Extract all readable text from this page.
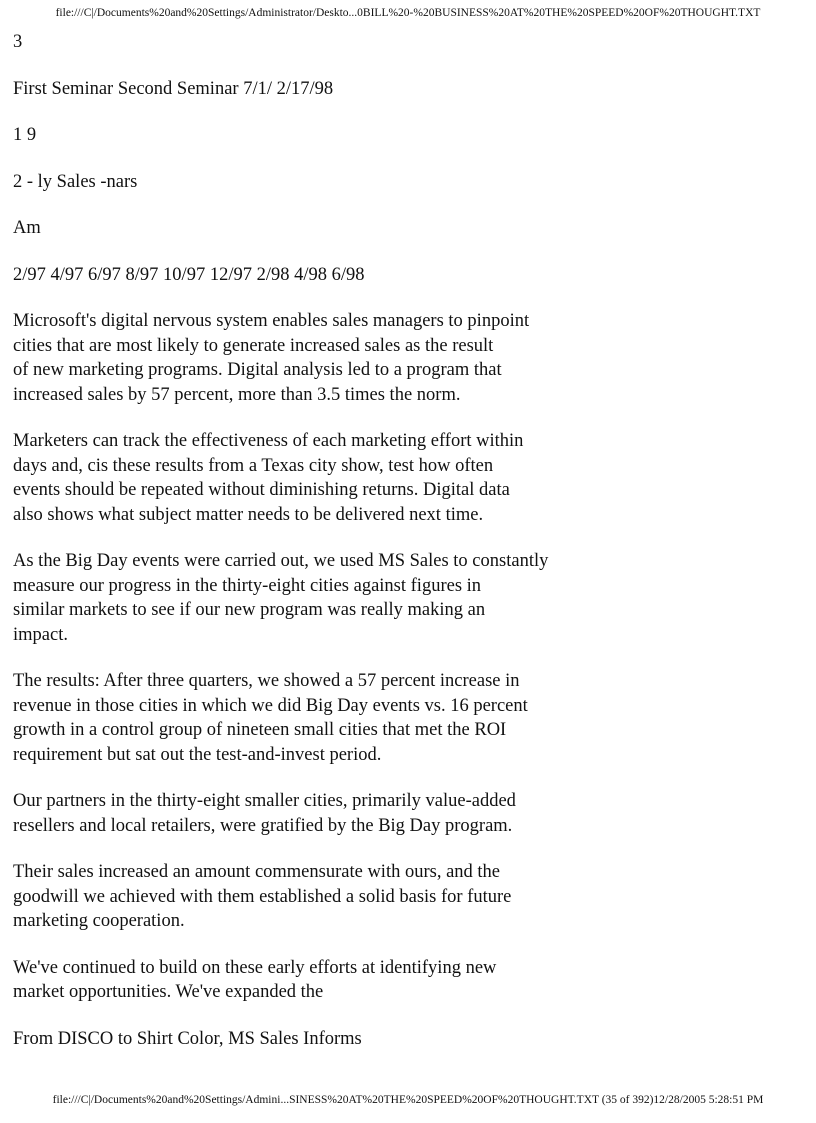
file:///C|/Documents%20and%20Settings/Administrator/Deskto...0BILL%20-%20BUSINESS%20AT%20THE%20SPEED%20OF%20THOUGHT.TXT
3
First Seminar Second Seminar 7/1/ 2/17/98
1 9
2 - ly Sales -nars
Am
2/97 4/97 6/97 8/97 10/97 12/97 2/98 4/98 6/98
Microsoft's digital nervous system enables sales managers to pinpoint
cities that are most likely to generate increased sales as the result
of new marketing programs. Digital analysis led to a program that
increased sales by 57 percent, more than 3.5 times the norm.
Marketers can track the effectiveness of each marketing effort within
days and, cis these results from a Texas city show, test how often
events should be repeated without diminishing returns. Digital data
also shows what subject matter needs to be delivered next time.
As the Big Day events were carried out, we used MS Sales to constantly
measure our progress in the thirty-eight cities against figures in
similar markets to see if our new program was really making an
impact.
The results: After three quarters, we showed a 57 percent increase in
revenue in those cities in which we did Big Day events vs. 16 percent
growth in a control group of nineteen small cities that met the ROI
requirement but sat out the test-and-invest period.
Our partners in the thirty-eight smaller cities, primarily value-added
resellers and local retailers, were gratified by the Big Day program.
Their sales increased an amount commensurate with ours, and the
goodwill we achieved with them established a solid basis for future
marketing cooperation.
We've continued to build on these early efforts at identifying new
market opportunities. We've expanded the
From DISCO to Shirt Color, MS Sales Informs
file:///C|/Documents%20and%20Settings/Admini...SINESS%20AT%20THE%20SPEED%20OF%20THOUGHT.TXT (35 of 392)12/28/2005 5:28:51 PM
